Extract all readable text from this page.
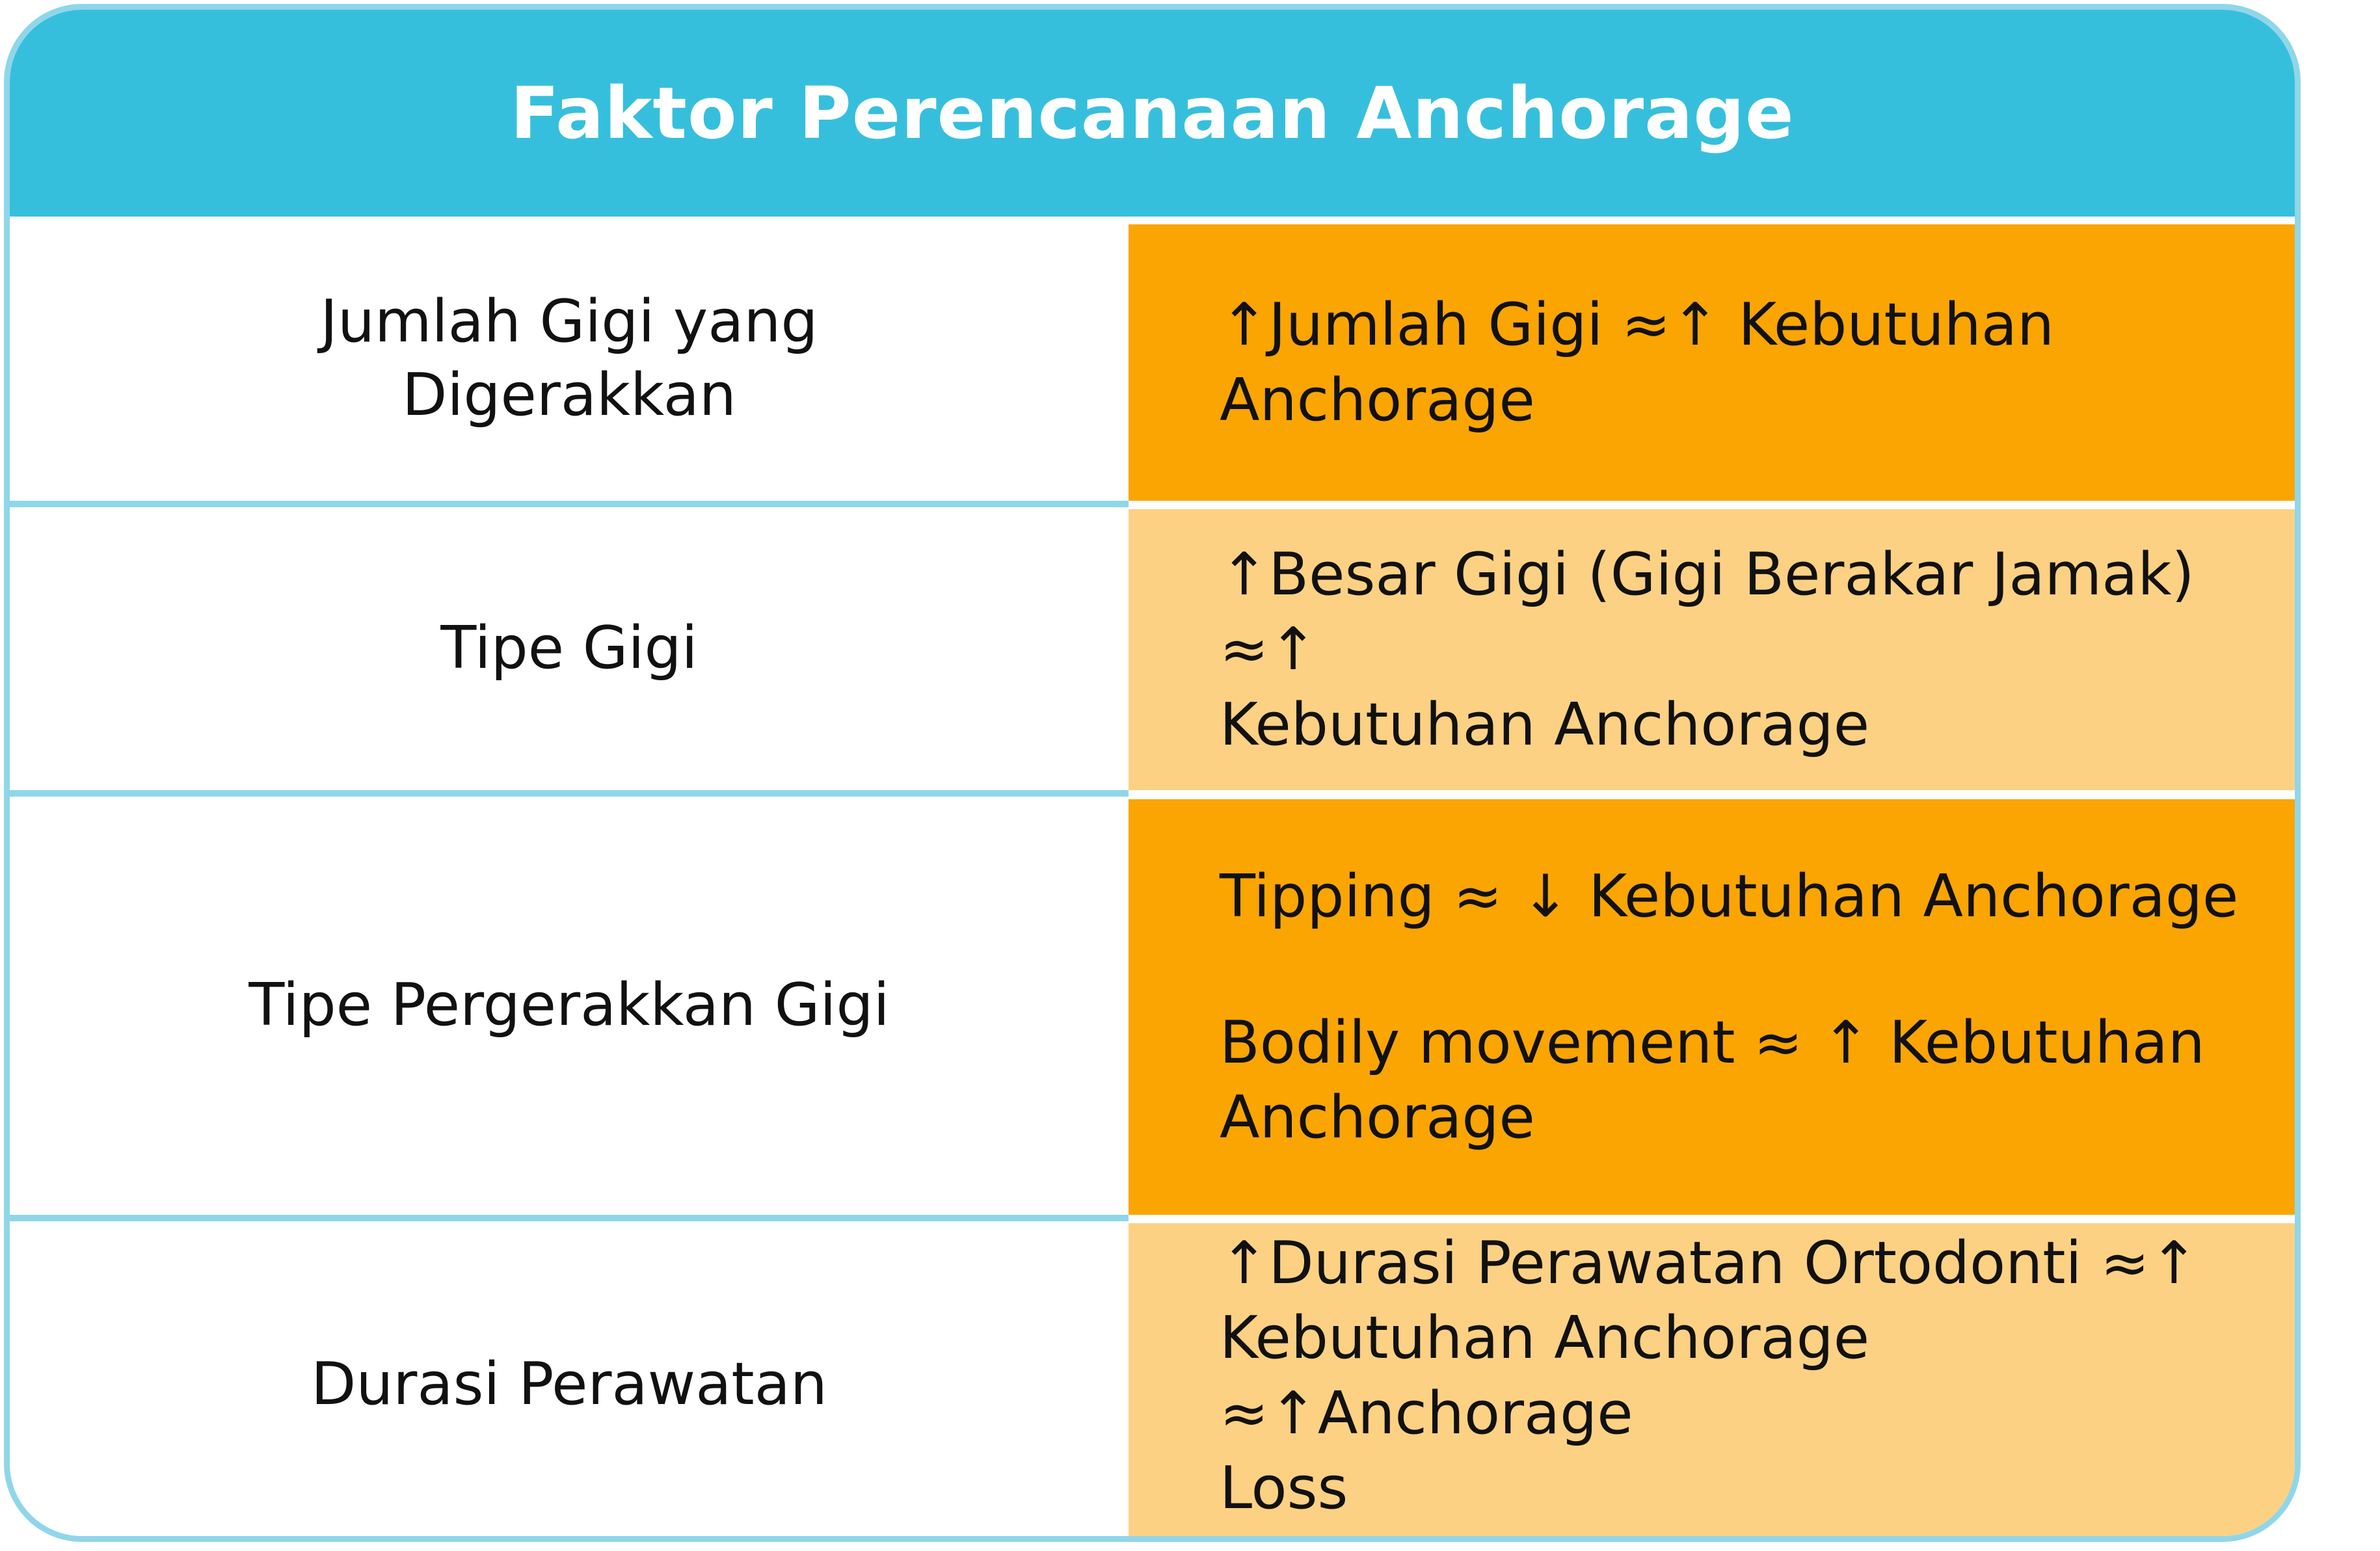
Faktor Perencanaan Anchorage
Jumlah Gigi yang
Digerakkan
↑Jumlah Gigi ≈↑ Kebutuhan
Anchorage
Tipe Gigi
↑Besar Gigi (Gigi Berakar Jamak) ≈↑
Kebutuhan Anchorage
Tipe Pergerakkan Gigi
Tipping ≈ ↓ Kebutuhan Anchorage
Bodily movement ≈ ↑ Kebutuhan
Anchorage
Durasi Perawatan
↑Durasi Perawatan Ortodonti ≈↑
Kebutuhan Anchorage ≈↑Anchorage
Loss
